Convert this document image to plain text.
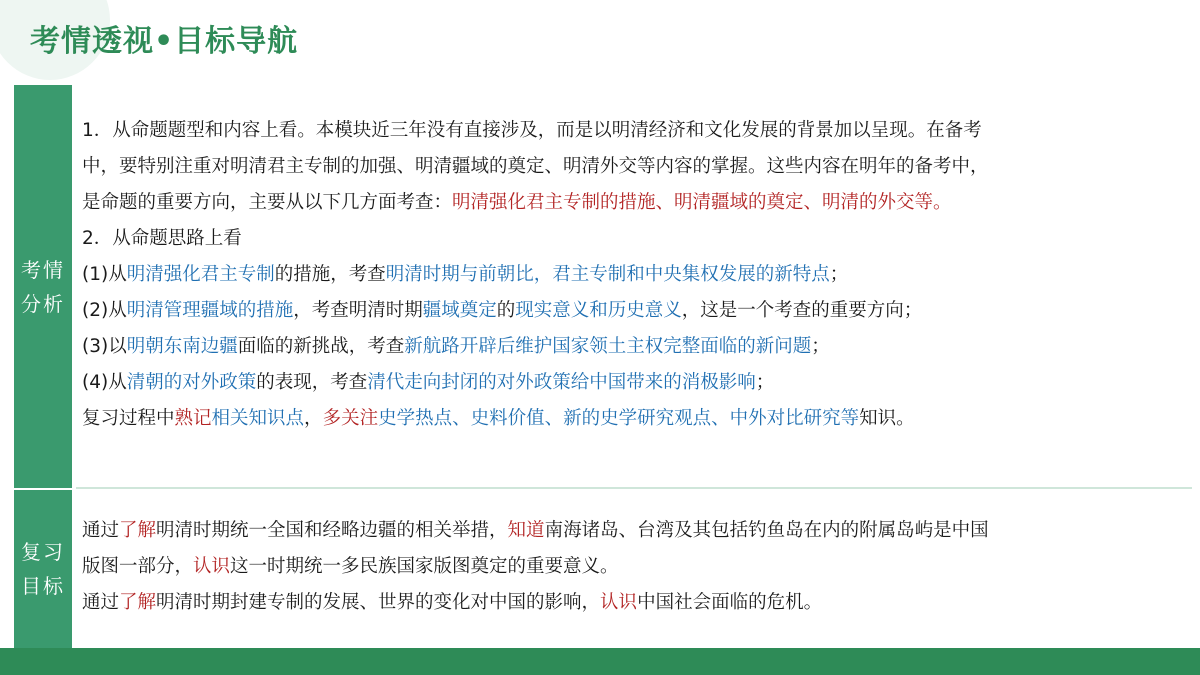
考情透视•目标导航
考情分析
1．从命题题型和内容上看。本模块近三年没有直接涉及，而是以明清经济和文化发展的背景加以呈现。在备考
中，要特别注重对明清君主专制的加强、明清疆域的奠定、明清外交等内容的掌握。这些内容在明年的备考中，
是命题的重要方向，主要从以下几方面考查：明清强化君主专制的措施、明清疆域的奠定、明清的外交等。
2．从命题思路上看
(1)从明清强化君主专制的措施，考查明清时期与前朝比，君主专制和中央集权发展的新特点；
(2)从明清管理疆域的措施，考查明清时期疆域奠定的现实意义和历史意义，这是一个考查的重要方向；
(3)以明朝东南边疆面临的新挑战，考查新航路开辟后维护国家领土主权完整面临的新问题；
(4)从清朝的对外政策的表现，考查清代走向封闭的对外政策给中国带来的消极影响；
复习过程中熟记相关知识点，多关注史学热点、史料价值、新的史学研究观点、中外对比研究等知识。
复习目标
通过了解明清时期统一全国和经略边疆的相关举措，知道南海诸岛、台湾及其包括钓鱼岛在内的附属岛屿是中国
版图一部分，认识这一时期统一多民族国家版图奠定的重要意义。
通过了解明清时期封建专制的发展、世界的变化对中国的影响，认识中国社会面临的危机。
